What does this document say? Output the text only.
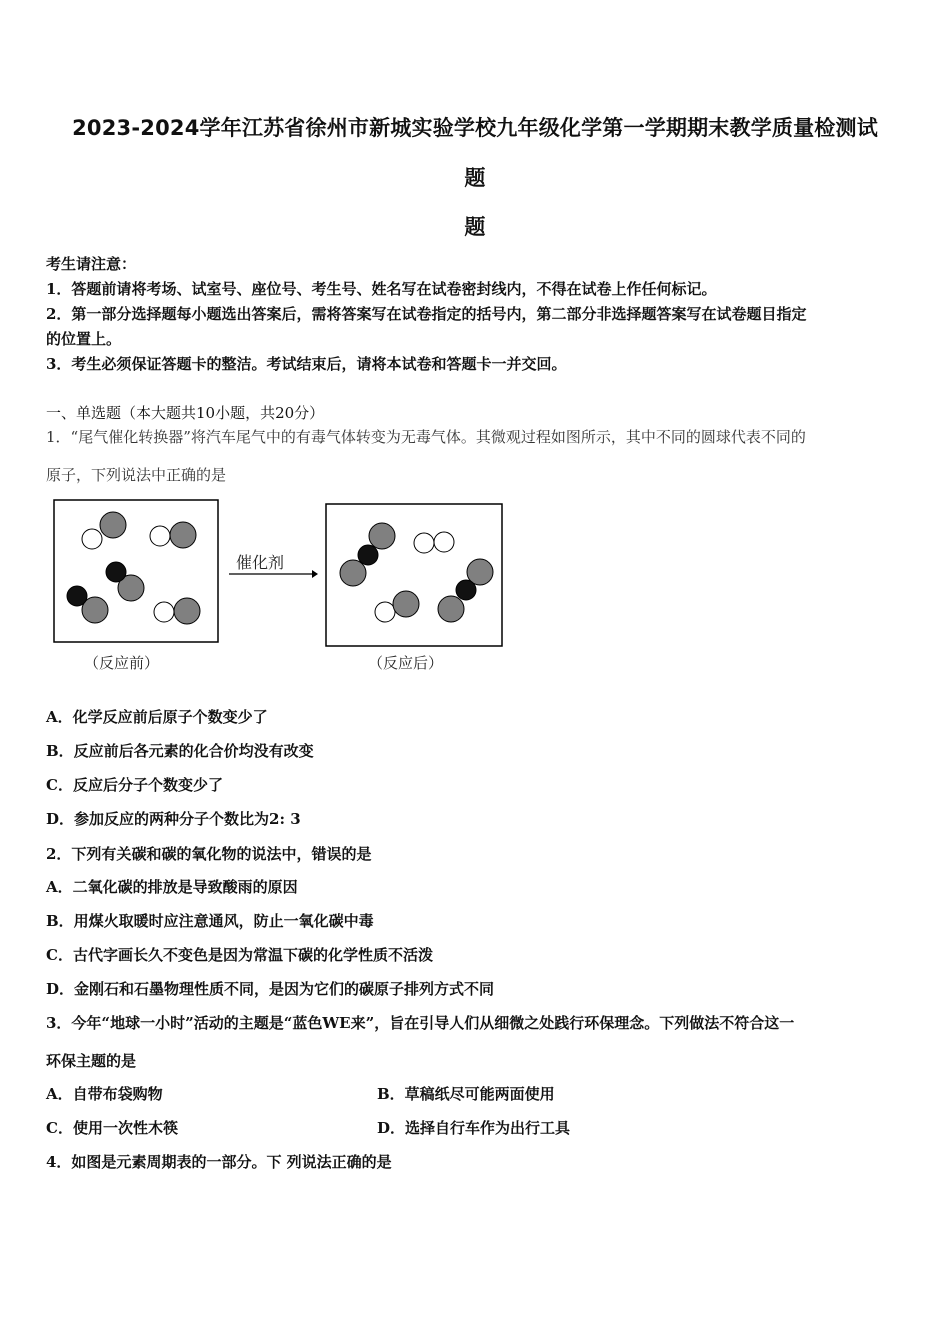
2023-2024学年江苏省徐州市新城实验学校九年级化学第一学期期末教学质量检测试
题
题
考生请注意：
1．答题前请将考场、试室号、座位号、考生号、姓名写在试卷密封线内，不得在试卷上作任何标记。
2．第一部分选择题每小题选出答案后，需将答案写在试卷指定的括号内，第二部分非选择题答案写在试卷题目指定
的位置上。
3．考生必须保证答题卡的整洁。考试结束后，请将本试卷和答题卡一并交回。
一、单选题（本大题共10小题，共20分）
1．“尾气催化转换器”将汽车尾气中的有毒气体转变为无毒气体。其微观过程如图所示，其中不同的圆球代表不同的
原子，下列说法中正确的是
催化剂
（反应前）	（反应后）
A．化学反应前后原子个数变少了
B．反应前后各元素的化合价均没有改变
C．反应后分子个数变少了
D．参加反应的两种分子个数比为2: 3
2．下列有关碳和碳的氧化物的说法中，错误的是
A．二氧化碳的排放是导致酸雨的原因
B．用煤火取暖时应注意通风，防止一氧化碳中毒
C．古代字画长久不变色是因为常温下碳的化学性质不活泼
D．金刚石和石墨物理性质不同，是因为它们的碳原子排列方式不同
3．今年“地球一小时”活动的主题是“蓝色WE来”，旨在引导人们从细微之处践行环保理念。下列做法不符合这一
环保主题的是
A．自带布袋购物	B．草稿纸尽可能两面使用
C．使用一次性木筷	D．选择自行车作为出行工具
4．如图是元素周期表的一部分。下 列说法正确的是
